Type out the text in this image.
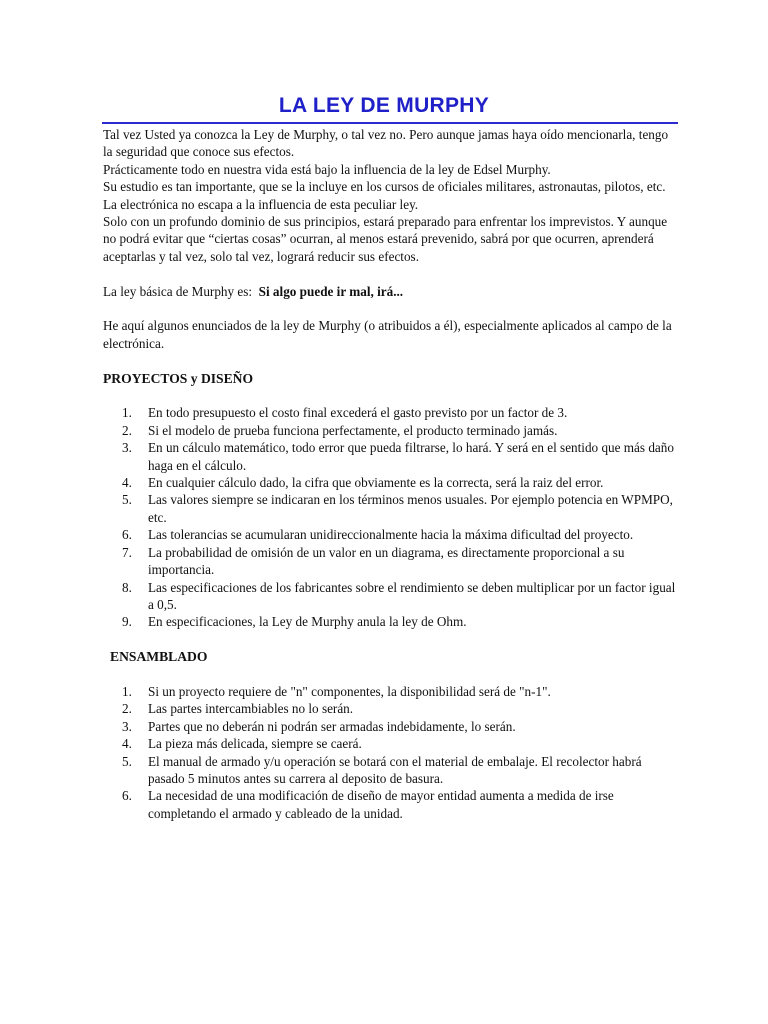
LA LEY DE MURPHY

Tal vez Usted ya conozca la Ley de Murphy, o tal vez no. Pero aunque jamas haya oído mencionarla, tengo la seguridad que conoce sus efectos.

Prácticamente todo en nuestra vida está bajo la influencia de la ley de Edsel Murphy.

Su estudio es tan importante, que se la incluye en los cursos de oficiales militares, astronautas, pilotos, etc.

La electrónica no escapa a la influencia de esta peculiar ley.

Solo con un profundo dominio de sus principios, estará preparado para enfrentar los imprevistos. Y aunque no podrá evitar que “ciertas cosas” ocurran, al menos estará prevenido, sabrá por que ocurren, aprenderá aceptarlas y tal vez, solo tal vez, logrará reducir sus efectos.

La ley básica de Murphy es: Si algo puede ir mal, irá...

He aquí algunos enunciados de la ley de Murphy (o atribuidos a él), especialmente aplicados al campo de la electrónica.

PROYECTOS y DISEÑO

1.	En todo presupuesto el costo final excederá el gasto previsto por un factor de 3.
2.	Si el modelo de prueba funciona perfectamente, el producto terminado jamás.
3.	En un cálculo matemático, todo error que pueda filtrarse, lo hará. Y será en el sentido que más daño haga en el cálculo.
4.	En cualquier cálculo dado, la cifra que obviamente es la correcta, será la raiz del error.
5.	Las valores siempre se indicaran en los términos menos usuales. Por ejemplo potencia en WPMPO, etc.
6.	Las tolerancias se acumularan unidireccionalmente hacia la máxima dificultad del proyecto.
7.	La probabilidad de omisión de un valor en un diagrama, es directamente proporcional a su importancia.
8.	Las especificaciones de los fabricantes sobre el rendimiento se deben multiplicar por un factor igual a 0,5.
9.	En especificaciones, la Ley de Murphy anula la ley de Ohm.

ENSAMBLADO

1.	Si un proyecto requiere de "n" componentes, la disponibilidad será de "n-1".
2.	Las partes intercambiables no lo serán.
3.	Partes que no deberán ni podrán ser armadas indebidamente, lo serán.
4.	La pieza más delicada, siempre se caerá.
5.	El manual de armado y/u operación se botará con el material de embalaje. El recolector habrá pasado 5 minutos antes su carrera al deposito de basura.
6.	La necesidad de una modificación de diseño de mayor entidad aumenta a medida de irse completando el armado y cableado de la unidad.
